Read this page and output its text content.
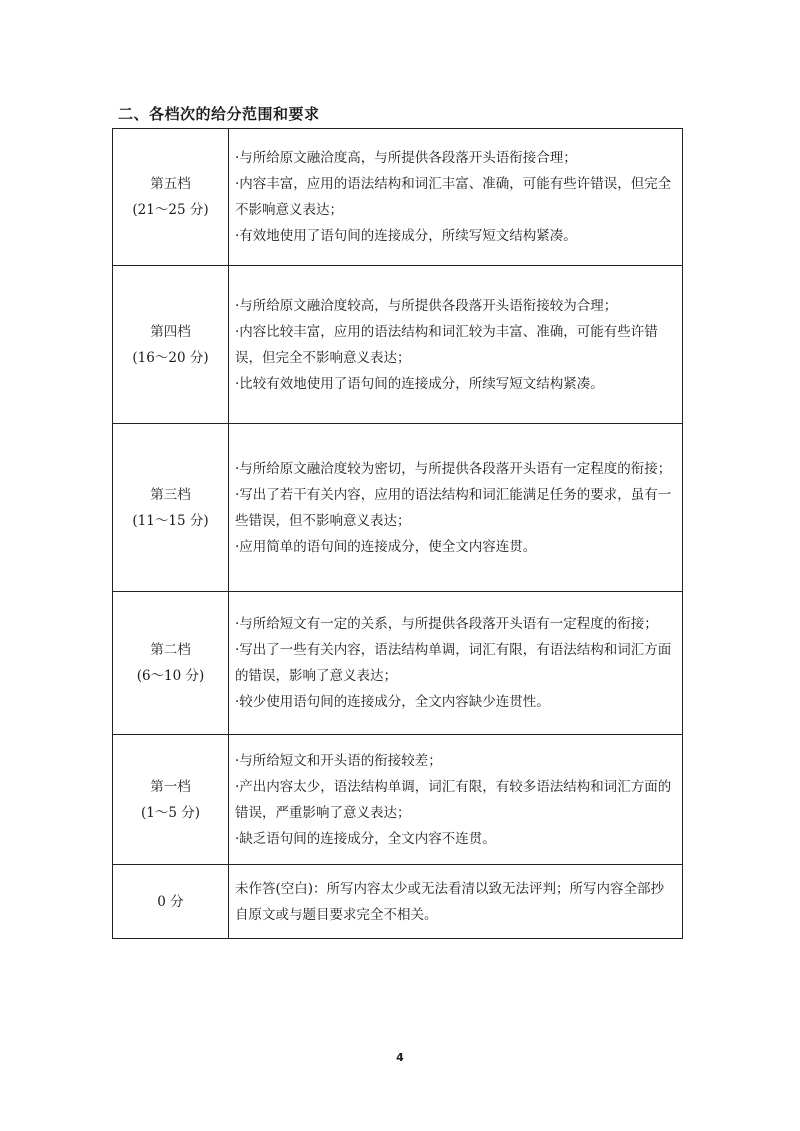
二、各档次的给分范围和要求
第五档
(21～25 分)	·与所给原文融洽度高，与所提供各段落开头语衔接合理；
·内容丰富，应用的语法结构和词汇丰富、准确，可能有些许错误，但完全不影响意义表达；
·有效地使用了语句间的连接成分，所续写短文结构紧凑。

第四档
(16～20 分)	·与所给原文融洽度较高，与所提供各段落开头语衔接较为合理；
·内容比较丰富，应用的语法结构和词汇较为丰富、准确，可能有些许错误，但完全不影响意义表达；
·比较有效地使用了语句间的连接成分，所续写短文结构紧凑。

第三档
(11～15 分)	·与所给原文融洽度较为密切，与所提供各段落开头语有一定程度的衔接；
·写出了若干有关内容，应用的语法结构和词汇能满足任务的要求，虽有一些错误，但不影响意义表达；
·应用简单的语句间的连接成分，使全文内容连贯。

第二档
(6～10 分)	·与所给短文有一定的关系，与所提供各段落开头语有一定程度的衔接；
·写出了一些有关内容，语法结构单调，词汇有限，有语法结构和词汇方面的错误，影响了意义表达；
·较少使用语句间的连接成分，全文内容缺少连贯性。

第一档
(1～5 分)	·与所给短文和开头语的衔接较差；
·产出内容太少，语法结构单调，词汇有限，有较多语法结构和词汇方面的错误，严重影响了意义表达；
·缺乏语句间的连接成分，全文内容不连贯。

0 分	未作答(空白)：所写内容太少或无法看清以致无法评判；所写内容全部抄自原文或与题目要求完全不相关。
4
